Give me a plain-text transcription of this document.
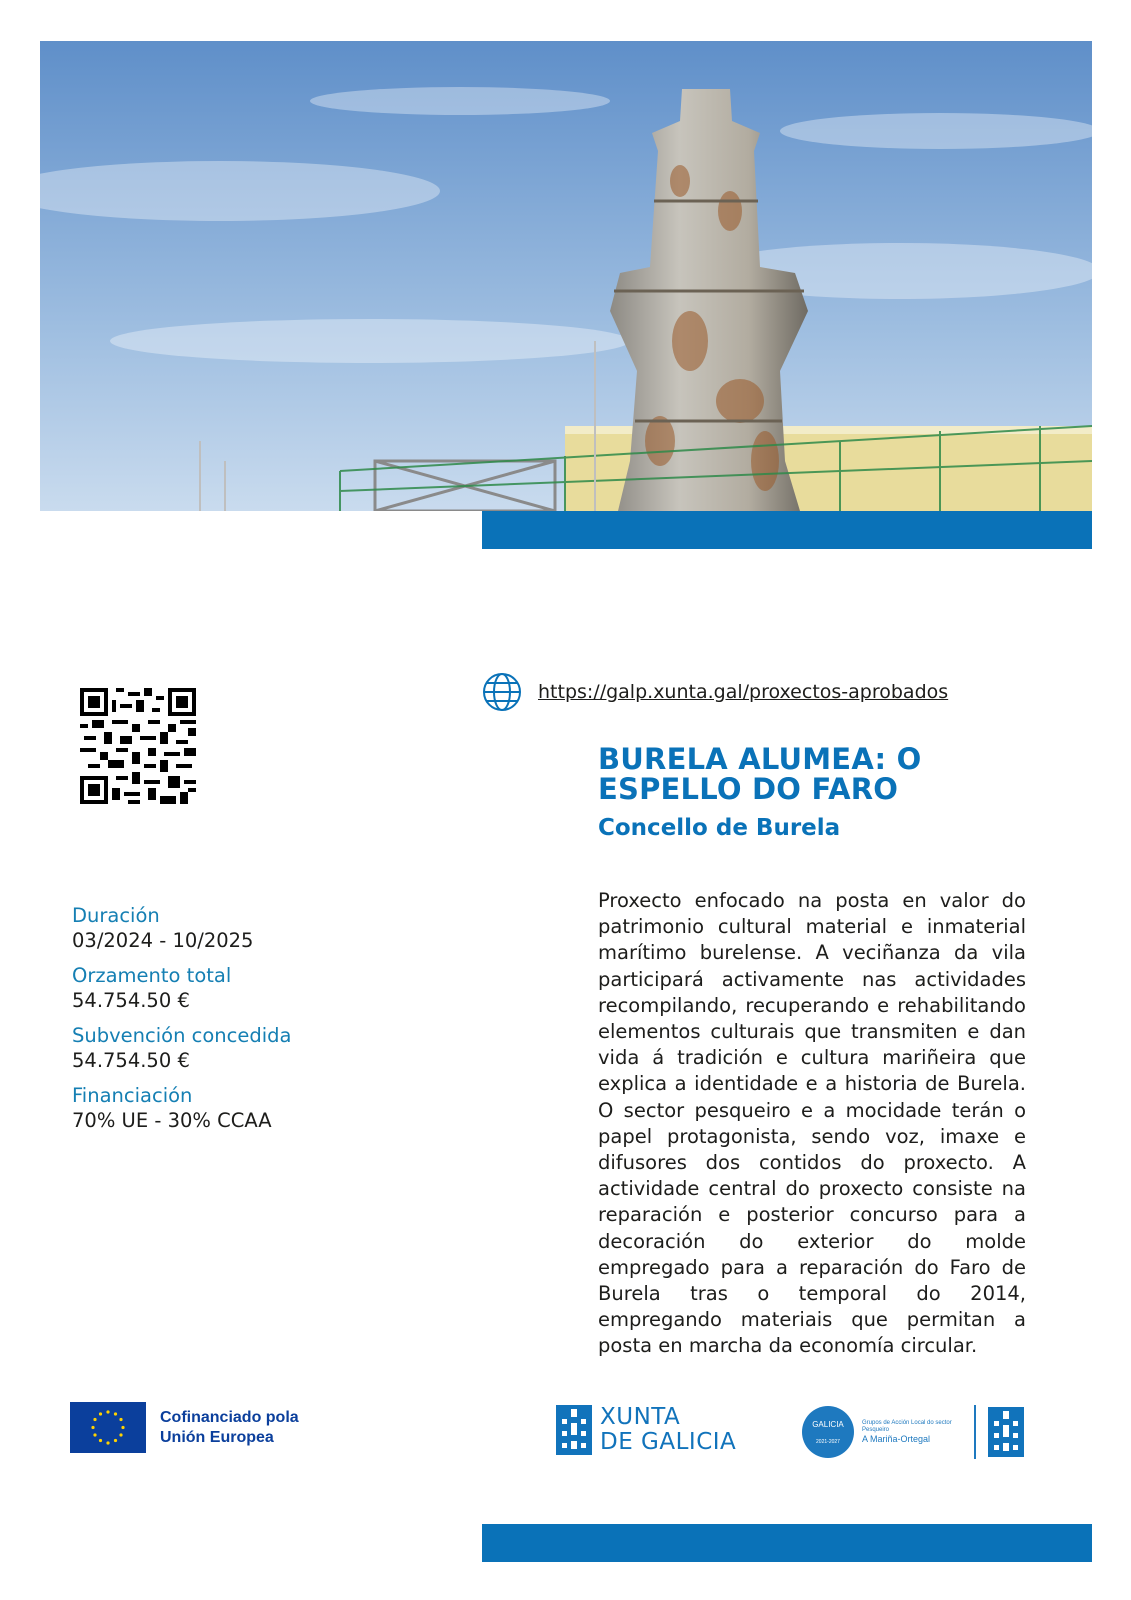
https://galp.xunta.gal/proxectos-aprobados
BURELA ALUMEA: O ESPELLO DO FARO
Concello de Burela

Proxecto enfocado na posta en valor do patrimonio cultural material e inmaterial marítimo burelense. A veciñanza da vila participará activamente nas actividades recompilando, recuperando e rehabilitando elementos culturais que transmiten e dan vida á tradición e cultura mariñeira que explica a identidade e a historia de Burela. O sector pesqueiro e a mocidade terán o papel protagonista, sendo voz, imaxe e difusores dos contidos do proxecto. A actividade central do proxecto consiste na reparación e posterior concurso para a decoración do exterior do molde empregado para a reparación do Faro de Burela tras o temporal do 2014, empregando materiais que permitan a posta en marcha da economía circular.

Duración
03/2024 - 10/2025
Orzamento total
54.754.50 €
Subvención concedida
54.754.50 €
Financiación
70% UE - 30% CCAA
Cofinanciado pola Unión Europea
XUNTA
DE GALICIA
GALICIA
2021-2027
Grupos de Acción Local do sector Pesqueiro
A Mariña-Ortegal
